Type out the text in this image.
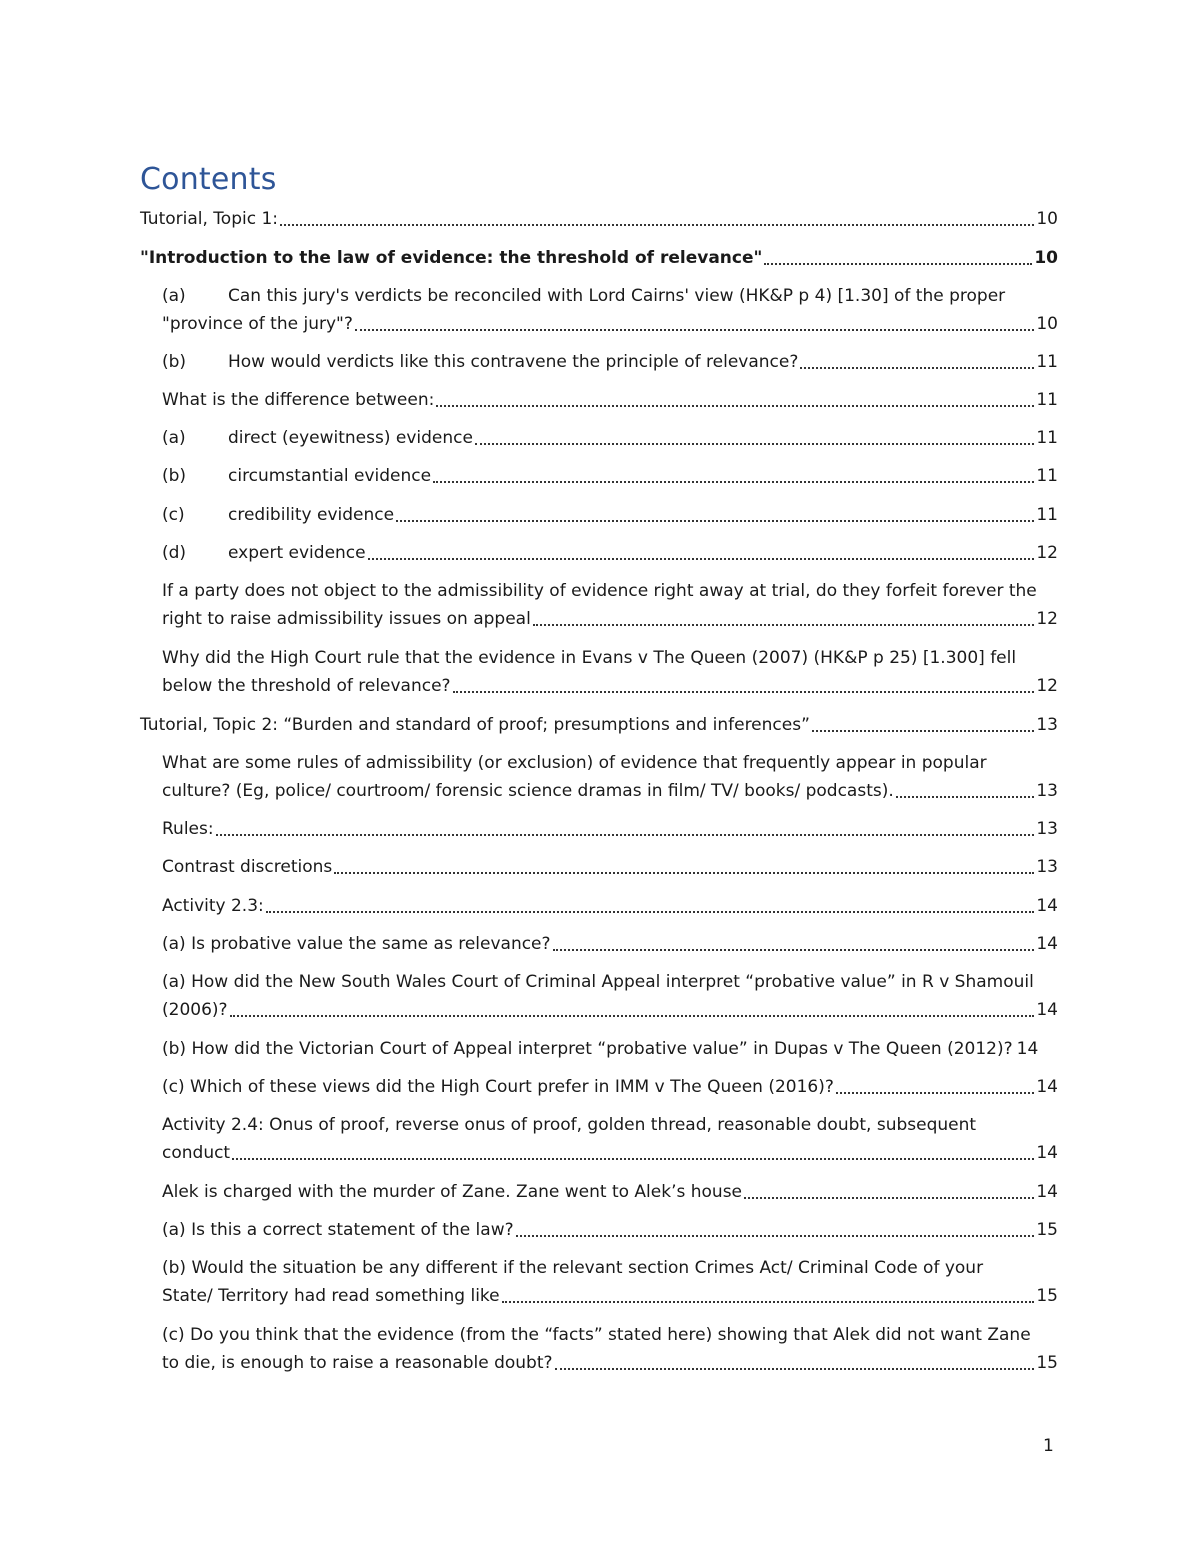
Contents
Tutorial, Topic 1:	10
"Introduction to the law of evidence: the threshold of relevance"	10
(a) Can this jury's verdicts be reconciled with Lord Cairns' view (HK&P p 4) [1.30] of the proper
"province of the jury"?	10
(b) How would verdicts like this contravene the principle of relevance?	11
What is the difference between:	11
(a) direct (eyewitness) evidence	11
(b) circumstantial evidence	11
(c)	credibility evidence	11
(d) expert evidence	12
If a party does not object to the admissibility of evidence right away at trial, do they forfeit forever the
right to raise admissibility issues on appeal	12
Why did the High Court rule that the evidence in Evans v The Queen (2007) (HK&P p 25) [1.300] fell
below the threshold of relevance?	12
Tutorial, Topic 2: “Burden and standard of proof; presumptions and inferences”	13
What are some rules of admissibility (or exclusion) of evidence that frequently appear in popular
culture? (Eg, police/ courtroom/ forensic science dramas in film/ TV/ books/ podcasts).	13
Rules:	13
Contrast discretions	13
Activity 2.3:	14
(a) Is probative value the same as relevance?	14
(a) How did the New South Wales Court of Criminal Appeal interpret “probative value” in R v Shamouil
(2006)?	14
(b) How did the Victorian Court of Appeal interpret “probative value” in Dupas v The Queen (2012)? 14
(c) Which of these views did the High Court prefer in IMM v The Queen (2016)?	14
Activity 2.4: Onus of proof, reverse onus of proof, golden thread, reasonable doubt, subsequent
conduct	14
Alek is charged with the murder of Zane. Zane went to Alek’s house	14
(a) Is this a correct statement of the law?	15
(b) Would the situation be any different if the relevant section Crimes Act/ Criminal Code of your
State/ Territory had read something like	15
(c) Do you think that the evidence (from the “facts” stated here) showing that Alek did not want Zane
to die, is enough to raise a reasonable doubt?	15
1
